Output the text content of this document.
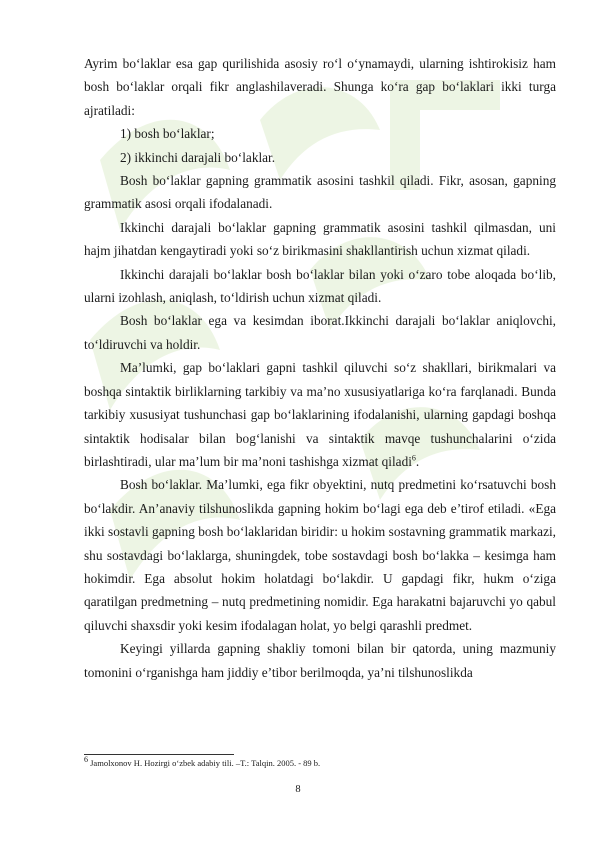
Ayrim bo‘laklar esa gap qurilishida asosiy ro‘l o‘ynamaydi, ularning ishtirokisiz ham bosh bo‘laklar orqali fikr anglashilaveradi. Shunga ko‘ra gap bo‘laklari ikki turga ajratiladi:

1) bosh bo‘laklar;

2) ikkinchi darajali bo‘laklar.

Bosh bo‘laklar gapning grammatik asosini tashkil qiladi. Fikr, asosan, gapning grammatik asosi orqali ifodalanadi.

Ikkinchi darajali bo‘laklar gapning grammatik asosini tashkil qilmasdan, uni hajm jihatdan kengaytiradi yoki so‘z birikmasini shakllantirish uchun xizmat qiladi.

Ikkinchi darajali bo‘laklar bosh bo‘laklar bilan yoki o‘zaro tobe aloqada bo‘lib, ularni izohlash, aniqlash, to‘ldirish uchun xizmat qiladi.

Bosh bo‘laklar ega va kesimdan iborat.Ikkinchi darajali bo‘laklar aniqlovchi, to‘ldiruvchi va holdir.

Ma’lumki, gap bo‘laklari gapni tashkil qiluvchi so‘z shakllari, birikmalari va boshqa sintaktik birliklarning tarkibiy va ma’no xususiyatlariga ko‘ra farqlanadi. Bunda tarkibiy xususiyat tushunchasi gap bo‘laklarining ifodalanishi, ularning gapdagi boshqa sintaktik hodisalar bilan bog‘lanishi va sintaktik mavqe tushunchalarini o‘zida birlashtiradi, ular ma’lum bir ma’noni tashishga xizmat qiladi$^6$.

Bosh bo‘laklar. Ma’lumki, ega fikr obyektini, nutq predmetini ko‘rsatuvchi bosh bo‘lakdir. An’anaviy tilshunoslikda gapning hokim bo‘lagi ega deb e’tirof etiladi. «Ega ikki sostavli gapning bosh bo‘laklaridan biridir: u hokim sostavning grammatik markazi, shu sostavdagi bo‘laklarga, shuningdek, tobe sostavdagi bosh bo‘lakka – kesimga ham hokimdir. Ega absolut hokim holatdagi bo‘lakdir. U gapdagi fikr, hukm o‘ziga qaratilgan predmetning – nutq predmetining nomidir. Ega harakatni bajaruvchi yo qabul qiluvchi shaxsdir yoki kesim ifodalagan holat, yo belgi qarashli predmet.

Keyingi yillarda gapning shakliy tomoni bilan bir qatorda, uning mazmuniy tomonini o‘rganishga ham jiddiy e’tibor berilmoqda, ya’ni tilshunoslikda

$^6$ Jamolxonov H. Hozirgi o‘zbek adabiy tili. –T.: Talqin. 2005. - 89 b.
8
